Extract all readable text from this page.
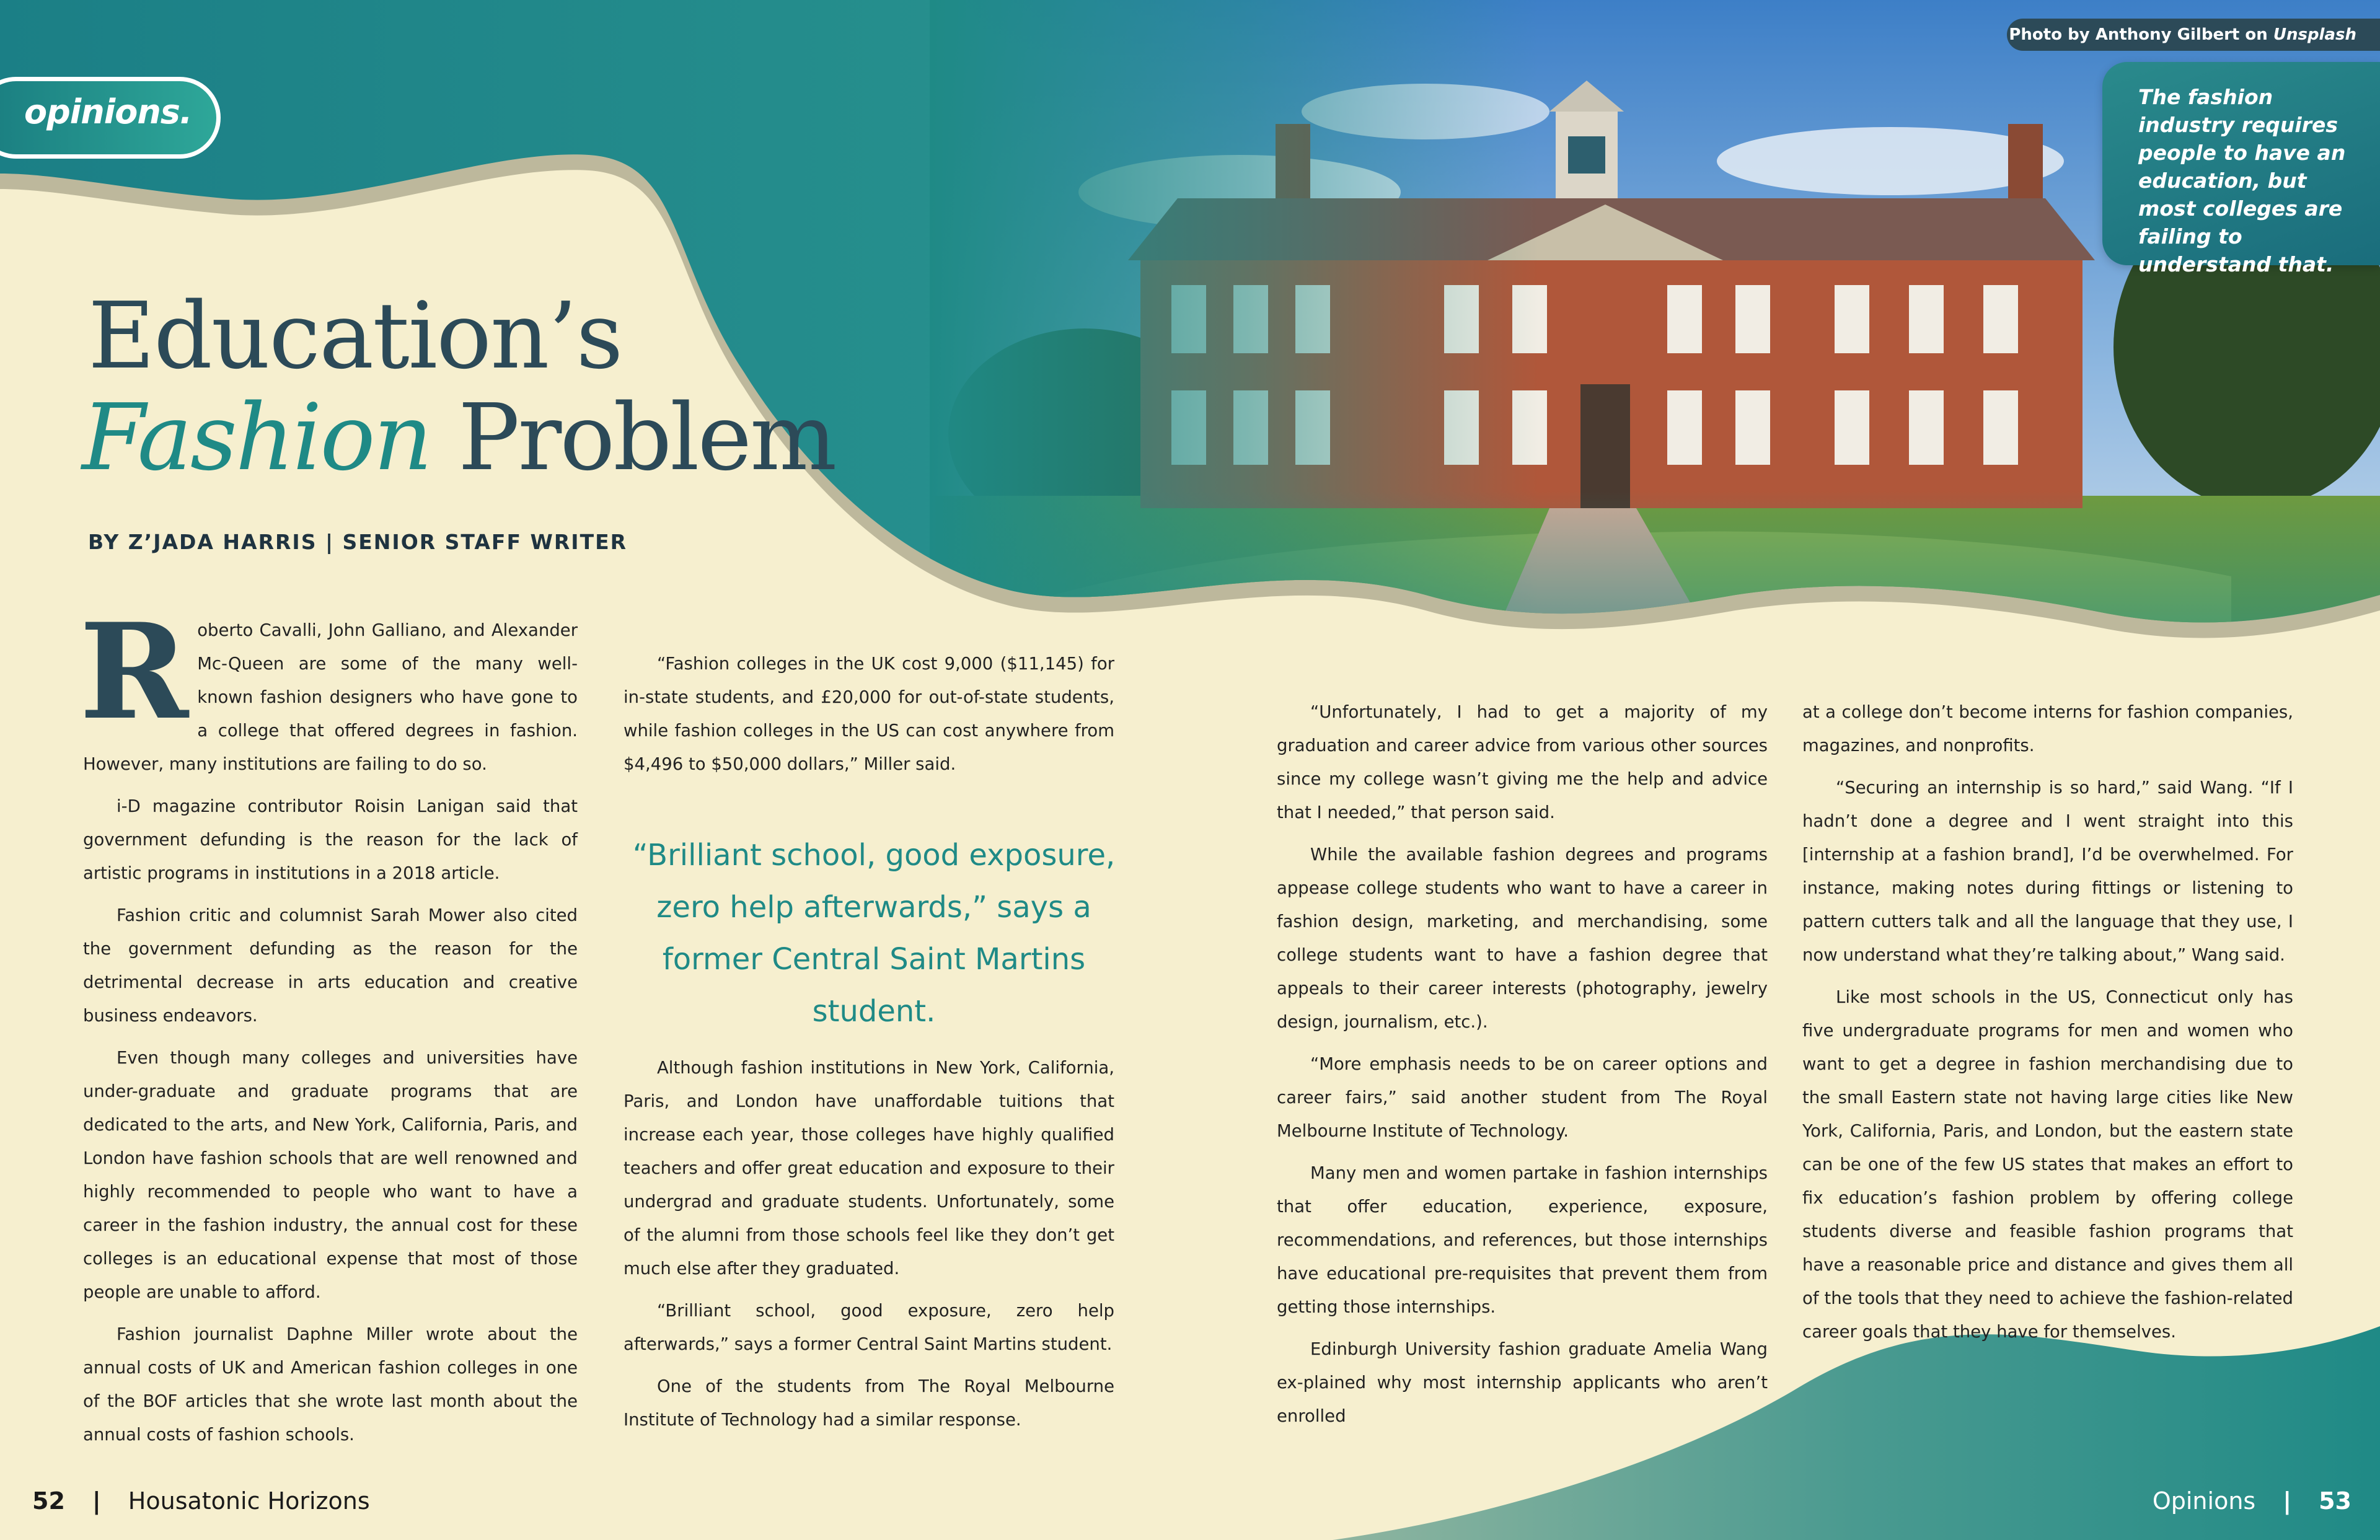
opinions.
Photo by Anthony Gilbert on Unsplash

The fashion industry requires people to have an education, but most colleges are failing to understand that.

Education’s
Fashion Problem
BY Z’JADA HARRIS | SENIOR STAFF WRITER

Roberto Cavalli, John Galliano, and Alexander Mc-Queen are some of the many well-known fashion designers who have gone to a college that offered degrees in fashion. However, many institutions are failing to do so.

i-D magazine contributor Roisin Lanigan said that government defunding is the reason for the lack of artistic programs in institutions in a 2018 article.

Fashion critic and columnist Sarah Mower also cited the government defunding as the reason for the detrimental decrease in arts education and creative business endeavors.

Even though many colleges and universities have under-graduate and graduate programs that are dedicated to the arts, and New York, California, Paris, and London have fashion schools that are well renowned and highly recommended to people who want to have a career in the fashion industry, the annual cost for these colleges is an educational expense that most of those people are unable to afford.

Fashion journalist Daphne Miller wrote about the annual costs of UK and American fashion colleges in one of the BOF articles that she wrote last month about the annual costs of fashion schools.

“Fashion colleges in the UK cost 9,000 ($11,145) for in-state students, and £20,000 for out-of-state students, while fashion colleges in the US can cost anywhere from $4,496 to $50,000 dollars,” Miller said.

“Brilliant school, good exposure, zero help afterwards,” says a former Central Saint Martins student.

Although fashion institutions in New York, California, Paris, and London have unaffordable tuitions that increase each year, those colleges have highly qualified teachers and offer great education and exposure to their undergrad and graduate students. Unfortunately, some of the alumni from those schools feel like they don’t get much else after they graduated.

“Brilliant school, good exposure, zero help afterwards,” says a former Central Saint Martins student.

One of the students from The Royal Melbourne Institute of Technology had a similar response.

“Unfortunately, I had to get a majority of my graduation and career advice from various other sources since my college wasn’t giving me the help and advice that I needed,” that person said.

While the available fashion degrees and programs appease college students who want to have a career in fashion design, marketing, and merchandising, some college students want to have a fashion degree that appeals to their career interests (photography, jewelry design, journalism, etc.).

“More emphasis needs to be on career options and career fairs,” said another student from The Royal Melbourne Institute of Technology.

Many men and women partake in fashion internships that offer education, experience, exposure, recommendations, and references, but those internships have educational pre-requisites that prevent them from getting those internships.

Edinburgh University fashion graduate Amelia Wang ex-plained why most internship applicants who aren’t enrolled

at a college don’t become interns for fashion companies, magazines, and nonprofits.

“Securing an internship is so hard,” said Wang. “If I hadn’t done a degree and I went straight into this [internship at a fashion brand], I’d be overwhelmed. For instance, making notes during fittings or listening to pattern cutters talk and all the language that they use, I now understand what they’re talking about,” Wang said.

Like most schools in the US, Connecticut only has five undergraduate programs for men and women who want to get a degree in fashion merchandising due to the small Eastern state not having large cities like New York, California, Paris, and London, but the eastern state can be one of the few US states that makes an effort to fix education’s fashion problem by offering college students diverse and feasible fashion programs that have a reasonable price and distance and gives them all of the tools that they need to achieve the fashion-related career goals that they have for themselves.

52 | Housatonic Horizons	Opinions | 53
